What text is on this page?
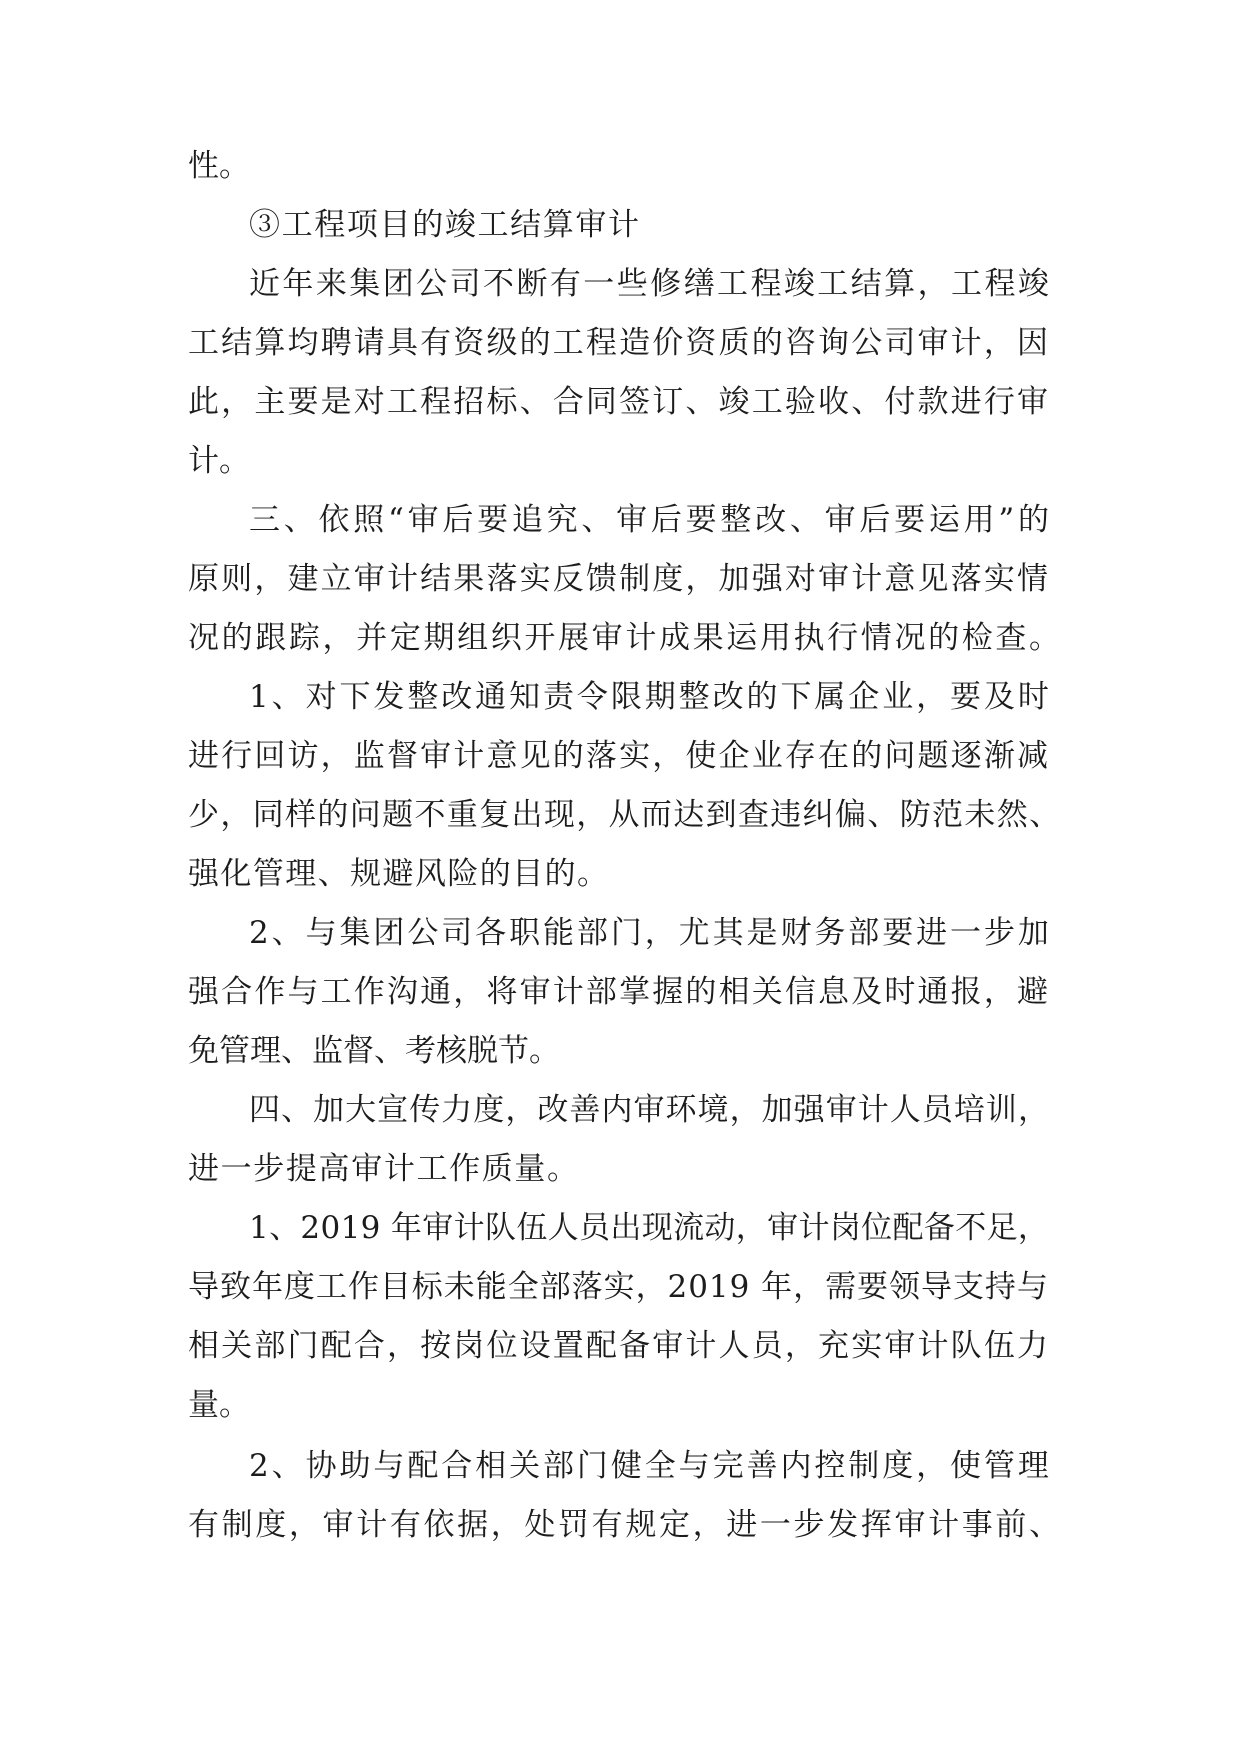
性。
③工程项目的竣工结算审计
近年来集团公司不断有一些修缮工程竣工结算，工程竣
工结算均聘请具有资级的工程造价资质的咨询公司审计，因
此，主要是对工程招标、合同签订、竣工验收、付款进行审
计。
三、依照“审后要追究、审后要整改、审后要运用”的
原则，建立审计结果落实反馈制度，加强对审计意见落实情
况的跟踪，并定期组织开展审计成果运用执行情况的检查。
1、对下发整改通知责令限期整改的下属企业，要及时
进行回访，监督审计意见的落实，使企业存在的问题逐渐减
少，同样的问题不重复出现，从而达到查违纠偏、防范未然、
强化管理、规避风险的目的。
2、与集团公司各职能部门，尤其是财务部要进一步加
强合作与工作沟通，将审计部掌握的相关信息及时通报，避
免管理、监督、考核脱节。
四、加大宣传力度，改善内审环境，加强审计人员培训，
进一步提高审计工作质量。
1、2019 年审计队伍人员出现流动，审计岗位配备不足，
导致年度工作目标未能全部落实，2019 年，需要领导支持与
相关部门配合，按岗位设置配备审计人员，充实审计队伍力
量。
2、协助与配合相关部门健全与完善内控制度，使管理
有制度，审计有依据，处罚有规定，进一步发挥审计事前、
